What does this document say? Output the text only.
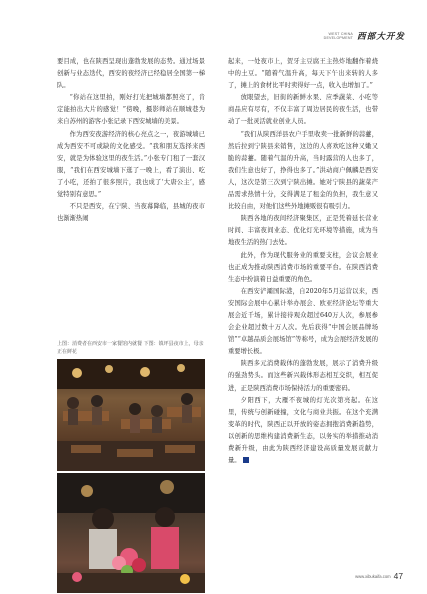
WEST CHINA
DEVELOPMENT 西部大开发

要目成，也在陕西呈现出蓬勃发展的态势。通过场景创新与业态迭代，西安的夜经济已经稳居全国第一梯队。

“你站在这里拍，刚好打光把城墙都照亮了，肯定能拍出大片的感觉！”傍晚，摄影师站在顺城巷为来自苏州的游客小张记录下西安城墙的美景。

作为西安夜游经济的核心亮点之一，夜游城墙已成为西安不可或缺的文化感受。“我和朋友选择来西安，就是为体验这里的夜生活。”小张专门租了一套汉服，“我们在西安城墙下逛了一晚上，看了演出、吃了小吃，还拍了很多照片，我也成了‘大唐公主’，感觉特别有意思。”

不只是西安，在宁陕、当夜幕降临，县城的夜市也渐渐热闹

上图：消费者在西安市一家餐馆内就餐 下图：镇坪县夜市上，母亲正在鲜花

起来，一处夜市上，贺牙主豆腐王主热炸地翻作着烧中的土豆。“随着气温升高，每天下午出来转的人多了，摊上的食材比平时卖得好一点，收入也增加了。”

放眼望去，旧街的新鲜水果、应季蔬菜、小吃等商品应有尽有，不仅丰富了周边居民的夜生活，也带动了一批灵活就业创业人员。

“我们从陕西洋县农户手里收卖一批新鲜的蒜薹，然后拉到宁陕县来销售，这边的人喜欢吃这种又嫩又脆的蒜薹。随着气温的升高，当时露营的人也多了，我们生意也好了，挣得也多了。”洪动商户佩麟是西安人，这次是第三次到宁陕出摊。她对宁陕县的蔬菜产品需求热情十分，交得满足了租金的负担，我生意又比较自由，对他们这些外地摊贩很有吸引力。

陕西各地的夜间经济聚集区，正是凭着延长营业时间、丰富夜间业态、优化灯光环境等措施，成为当地夜生活的热门去处。

此外，作为现代服务业的重要支柱，会议会展业也正成为推动陕西消费市场的重要平台。在陕西消费生态中扮演着日益重要的角色。

在西安浐灞国际港，自2020年5月运营以来，西安国际会展中心累计举办展会、欧亚经济论坛等重大展会近千场，累计接待观众超过640万人次，参展参会企业超过数十万人次。先后获得“中国会展品牌场馆”“卓越品质会展场馆”等称号，成为会展经济发展的重要增长极。

陕西多元消费载体的蓬勃发展，展示了消费升级的强劲势头。而这些新兴载体形态相互交织，相互促进，正是陕西消费市场保持活力的重要密码。

夕阳西下，大雁不夜城的灯光次第亮起。在这里，传统与创新碰撞，文化与商业共振。在这个充满变革的时代，陕西正以开放的姿态拥抱消费新趋势，以创新的思维构建消费新生态，以务实的举措推动消费新升级，由此为陕西经济建设高质量发展贡献力量。

www.xibukaifa.com 47
